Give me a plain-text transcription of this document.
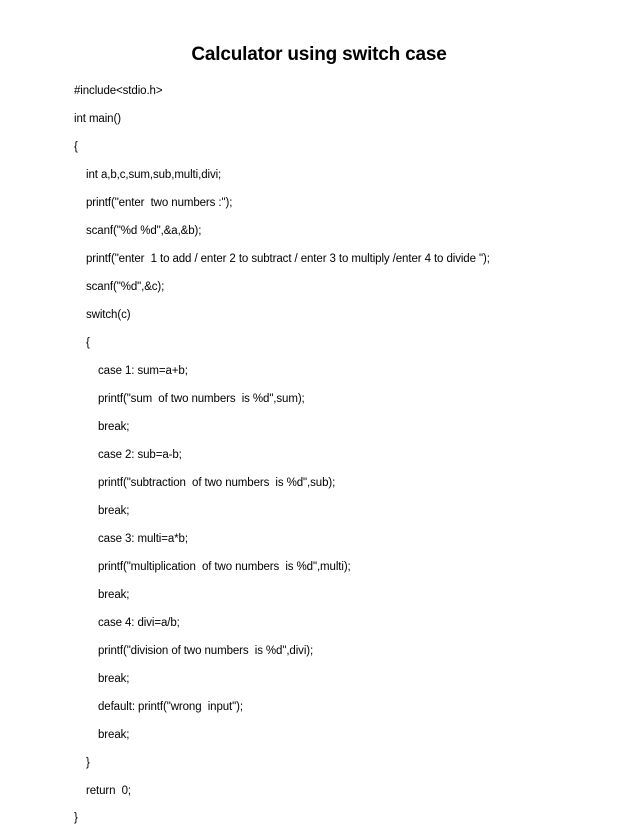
Calculator using switch case
#include<stdio.h>
int main()
{
int a,b,c,sum,sub,multi,divi;
printf("enter  two numbers :");
scanf("%d %d",&a,&b);
printf("enter  1 to add / enter 2 to subtract / enter 3 to multiply /enter 4 to divide ");
scanf("%d",&c);
switch(c)
{
case 1: sum=a+b;
printf("sum  of two numbers  is %d",sum);
break;
case 2: sub=a-b;
printf("subtraction  of two numbers  is %d",sub);
break;
case 3: multi=a*b;
printf("multiplication  of two numbers  is %d",multi);
break;
case 4: divi=a/b;
printf("division of two numbers  is %d",divi);
break;
default: printf("wrong  input");
break;
}
return  0;
}
